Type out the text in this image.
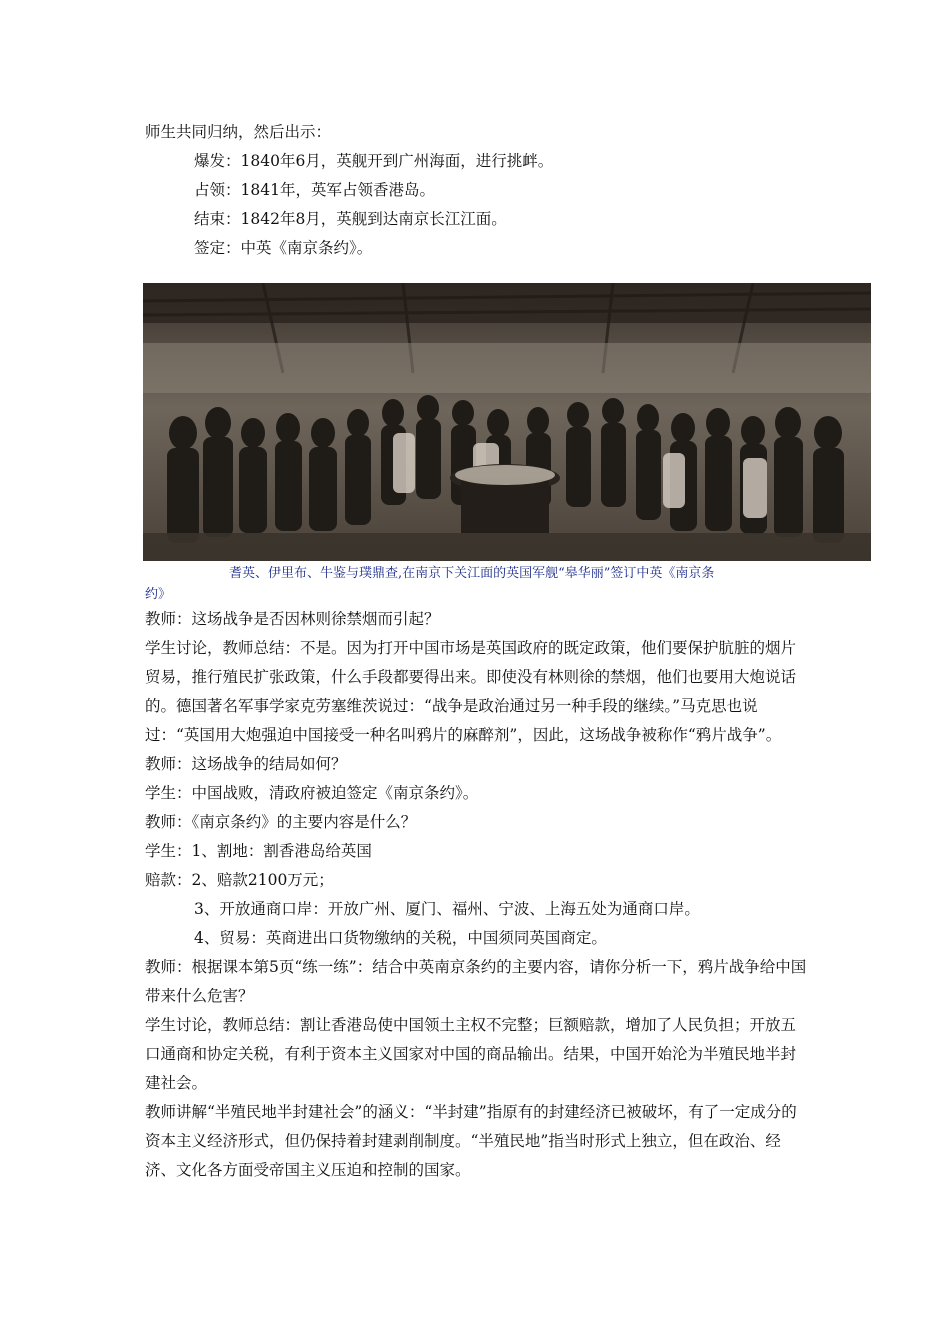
师生共同归纳，然后出示：
爆发：1840年6月，英舰开到广州海面，进行挑衅。
占领：1841年，英军占领香港岛。
结束：1842年8月，英舰到达南京长江江面。
签定：中英《南京条约》。
耆英、伊里布、牛鉴与璞鼎查,在南京下关江面的英国军舰“皋华丽”签订中英《南京条
约》
教师：这场战争是否因林则徐禁烟而引起？
学生讨论，教师总结：不是。因为打开中国市场是英国政府的既定政策，他们要保护肮脏的烟片贸易，推行殖民扩张政策，什么手段都要得出来。即使没有林则徐的禁烟，他们也要用大炮说话的。德国著名军事学家克劳塞维茨说过：“战争是政治通过另一种手段的继续。”马克思也说过：“英国用大炮强迫中国接受一种名叫鸦片的麻醉剂”，因此，这场战争被称作“鸦片战争”。
教师：这场战争的结局如何？
学生：中国战败，清政府被迫签定《南京条约》。
教师：《南京条约》的主要内容是什么？
学生：1、割地：割香港岛给英国
赔款：2、赔款2100万元；
3、开放通商口岸：开放广州、厦门、福州、宁波、上海五处为通商口岸。
4、贸易：英商进出口货物缴纳的关税，中国须同英国商定。
教师：根据课本第5页“练一练”：结合中英南京条约的主要内容，请你分析一下，鸦片战争给中国带来什么危害？
学生讨论，教师总结：割让香港岛使中国领土主权不完整；巨额赔款，增加了人民负担；开放五口通商和协定关税，有利于资本主义国家对中国的商品输出。结果，中国开始沦为半殖民地半封建社会。
教师讲解“半殖民地半封建社会”的涵义：“半封建”指原有的封建经济已被破坏，有了一定成分的资本主义经济形式，但仍保持着封建剥削制度。“半殖民地”指当时形式上独立，但在政治、经济、文化各方面受帝国主义压迫和控制的国家。
